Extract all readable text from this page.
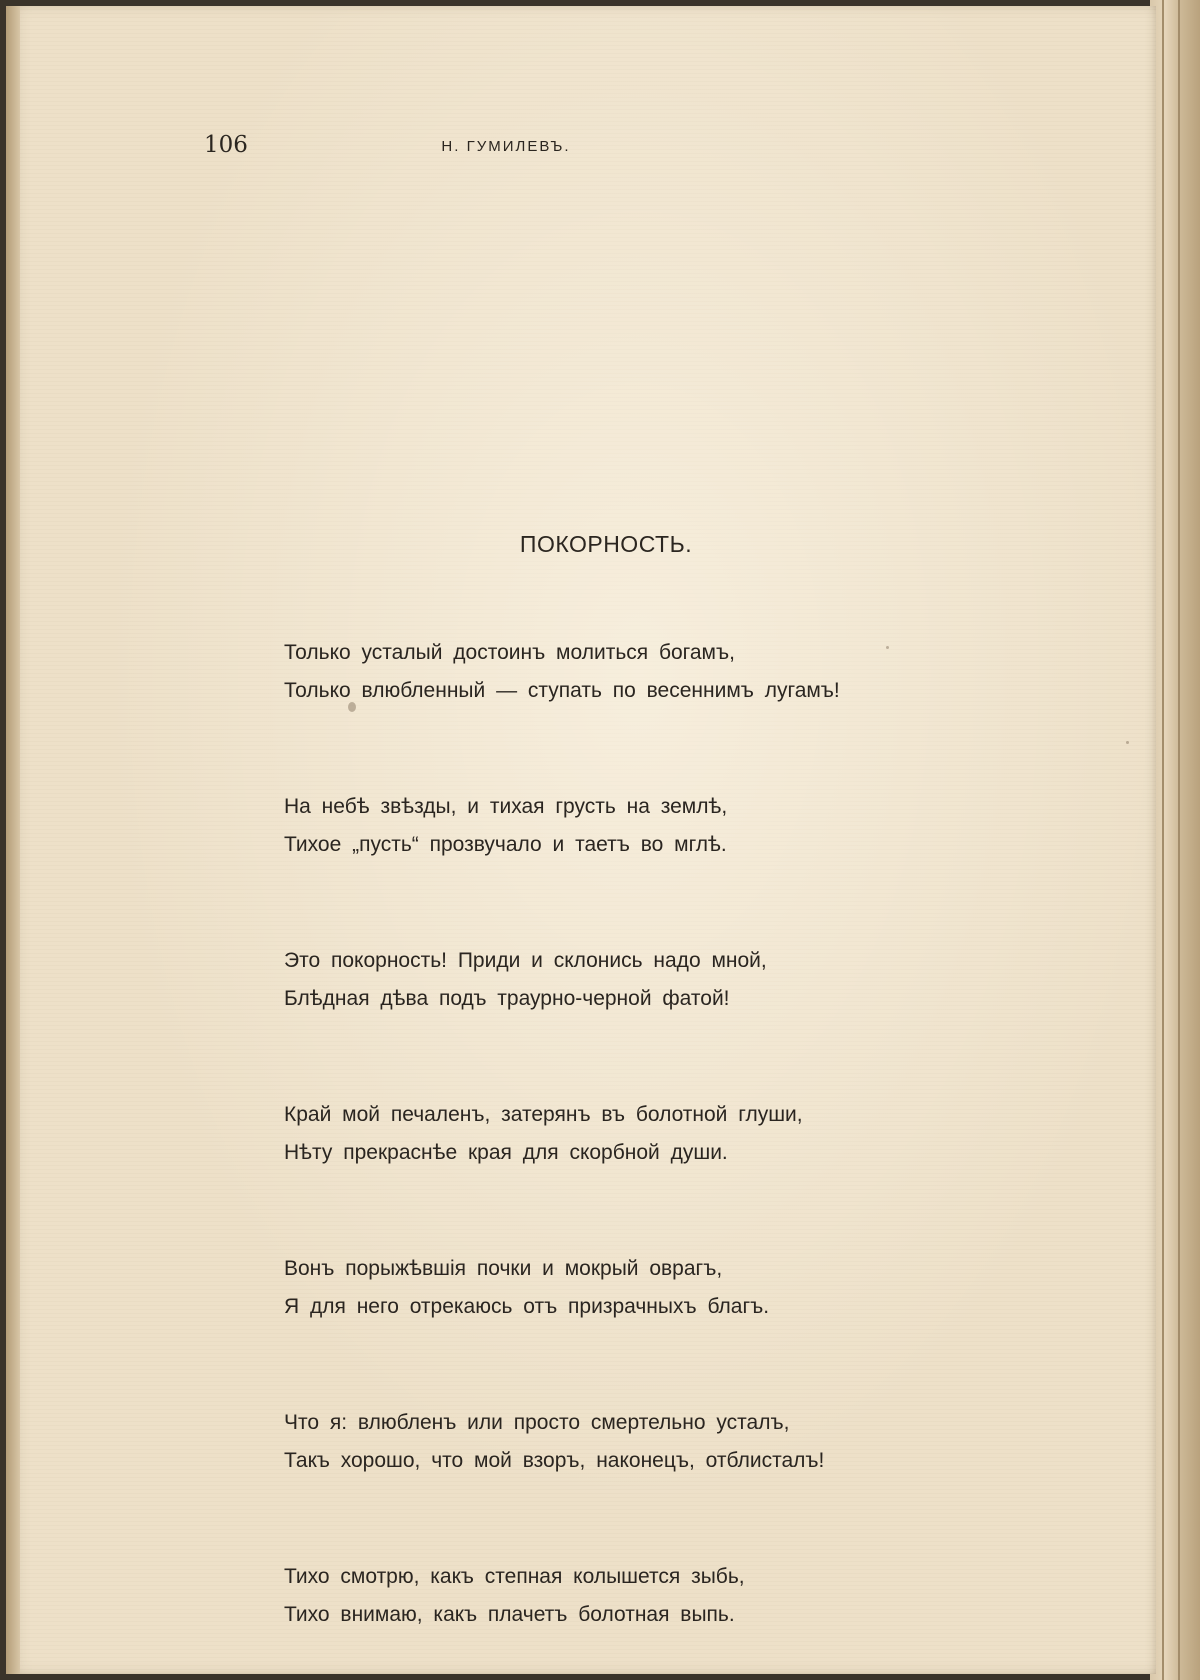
106	Н. ГУМИЛЕВЪ.
ПОКОРНОСТЬ.
Только усталый достоинъ молиться богамъ,
Только влюбленный — ступать по весеннимъ лугамъ!
На небѣ звѣзды, и тихая грусть на землѣ,
Тихое „пусть“ прозвучало и таетъ во мглѣ.
Это покорность! Приди и склонись надо мной,
Блѣдная дѣва подъ траурно-черной фатой!
Край мой печаленъ, затерянъ въ болотной глуши,
Нѣту прекраснѣе края для скорбной души.
Вонъ порыжѣвшiя почки и мокрый оврагъ,
Я для него отрекаюсь отъ призрачныхъ благъ.
Что я: влюбленъ или просто смертельно усталъ,
Такъ хорошо, что мой взоръ, наконецъ, отблисталъ!
Тихо смотрю, какъ степная колышется зыбь,
Тихо внимаю, какъ плачетъ болотная выпь.
